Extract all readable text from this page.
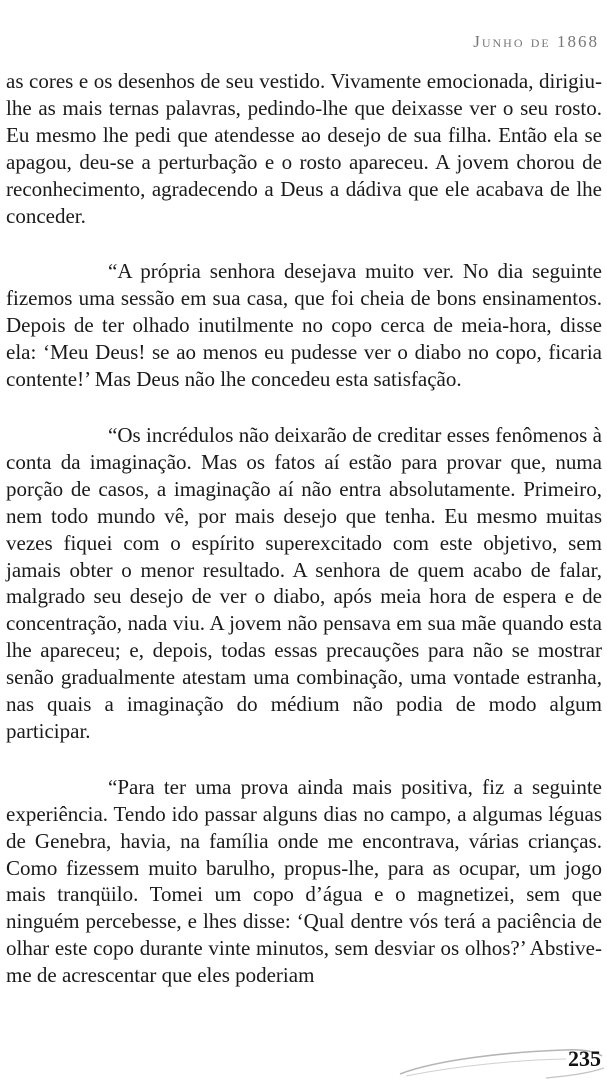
Junho de 1868

as cores e os desenhos de seu vestido. Vivamente emocionada, dirigiu-lhe as mais ternas palavras, pedindo-lhe que deixasse ver o seu rosto. Eu mesmo lhe pedi que atendesse ao desejo de sua filha. Então ela se apagou, deu-se a perturbação e o rosto apareceu. A jovem chorou de reconhecimento, agradecendo a Deus a dádiva que ele acabava de lhe conceder.

“A própria senhora desejava muito ver. No dia seguinte fizemos uma sessão em sua casa, que foi cheia de bons ensinamentos. Depois de ter olhado inutilmente no copo cerca de meia-hora, disse ela: ‘Meu Deus! se ao menos eu pudesse ver o diabo no copo, ficaria contente!’ Mas Deus não lhe concedeu esta satisfação.

“Os incrédulos não deixarão de creditar esses fenômenos à conta da imaginação. Mas os fatos aí estão para provar que, numa porção de casos, a imaginação aí não entra absolutamente. Primeiro, nem todo mundo vê, por mais desejo que tenha. Eu mesmo muitas vezes fiquei com o espírito superexcitado com este objetivo, sem jamais obter o menor resultado. A senhora de quem acabo de falar, malgrado seu desejo de ver o diabo, após meia hora de espera e de concentração, nada viu. A jovem não pensava em sua mãe quando esta lhe apareceu; e, depois, todas essas precauções para não se mostrar senão gradualmente atestam uma combinação, uma vontade estranha, nas quais a imaginação do médium não podia de modo algum participar.

“Para ter uma prova ainda mais positiva, fiz a seguinte experiência. Tendo ido passar alguns dias no campo, a algumas léguas de Genebra, havia, na família onde me encontrava, várias crianças. Como fizessem muito barulho, propus-lhe, para as ocupar, um jogo mais tranqüilo. Tomei um copo d’água e o magnetizei, sem que ninguém percebesse, e lhes disse: ‘Qual dentre vós terá a paciência de olhar este copo durante vinte minutos, sem desviar os olhos?’ Abstive-me de acrescentar que eles poderiam

235
